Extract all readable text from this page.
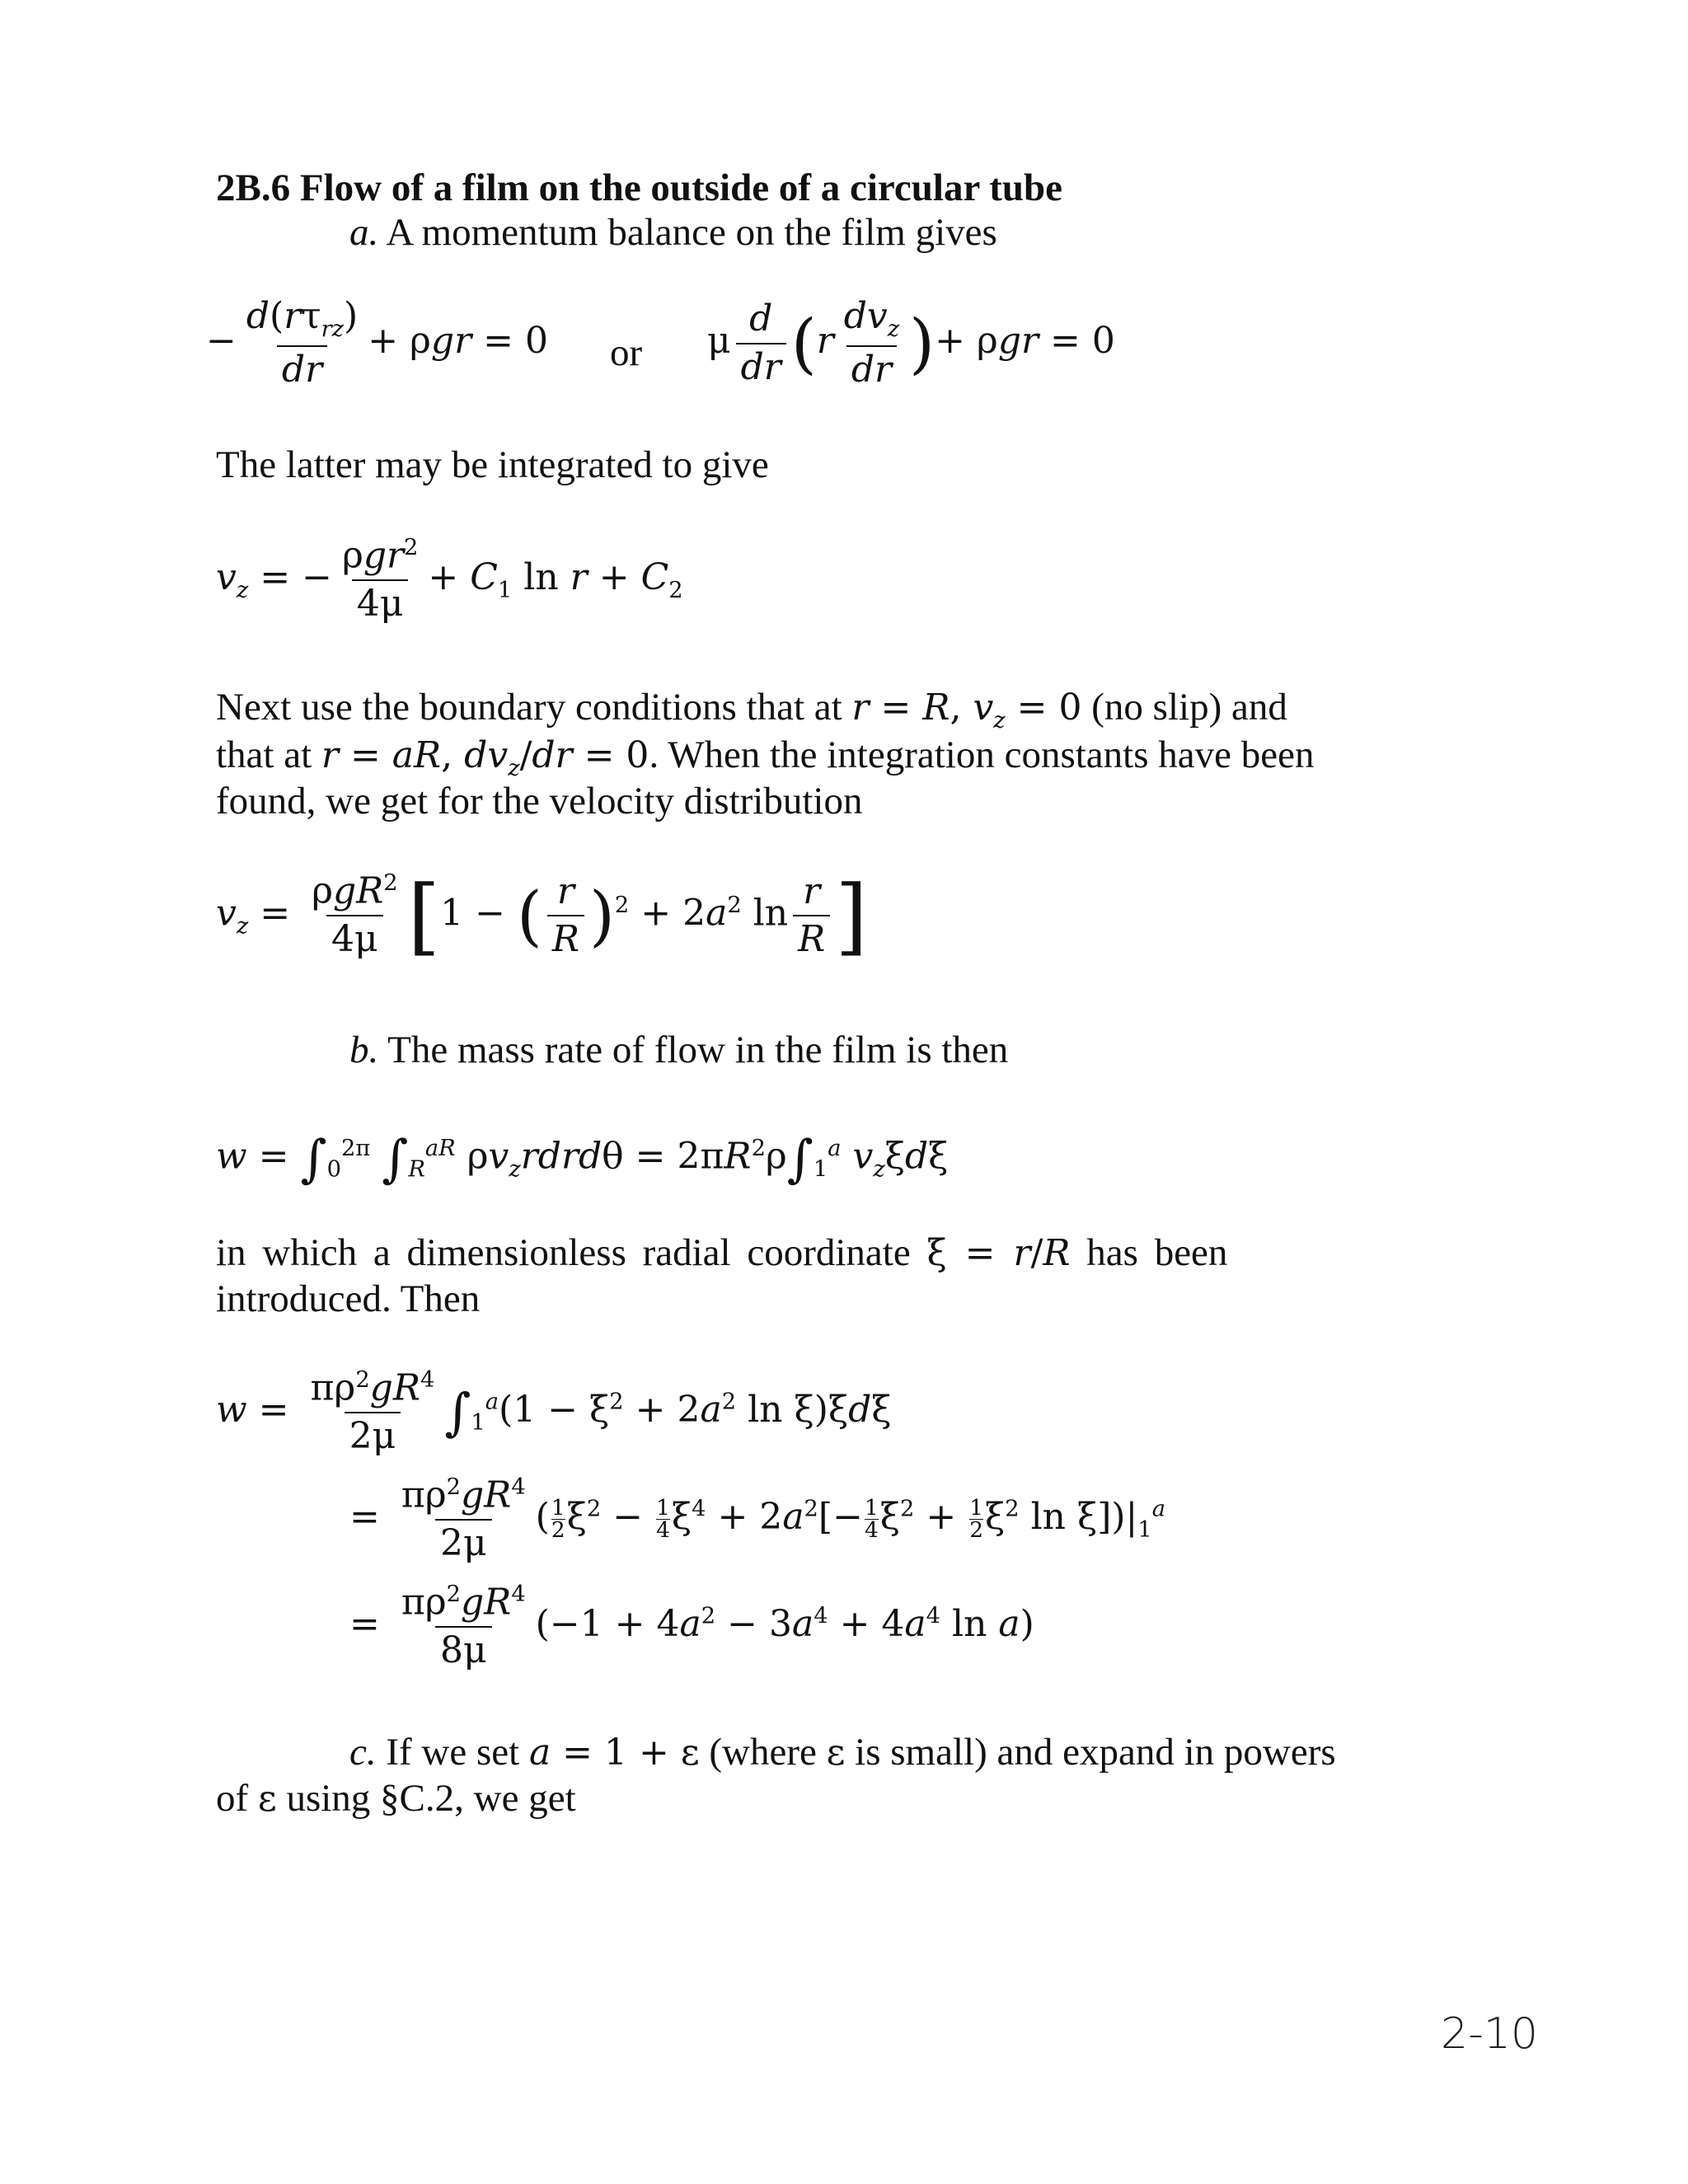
2B.6 Flow of a film on the outside of a circular tube
a. A momentum balance on the film gives
− $\frac{d(r\tau_{rz})}{dr} + \rho gr = 0$ or μ $\frac{d}{dr} (r \frac{dv_z}{dr}$ )+ ρgr = 0
The latter may be integrated to give
$v_z$ = − $\frac{\rho gr^2}{4\mu} + C_1$ $\ln r + C_2$
Next use the boundary conditions that at r = R, $v_z = 0$ (no slip) and
that at r = aR, $dv_z/dr = 0$. When the integration constants have been
found, we get for the velocity distribution
$v_z = \frac{\rho gR^2}{4\mu} [1$ − ( $\frac{r}{R} )^2 + 2a^2$ $\ln \frac{r}{R}$ ]
b. The mass rate of flow in the film is then
$w = \int_0^{2\pi}$ $\int_R^{aR}$ $\rho v_zrdrd\theta = 2\pi R^2\rho\int_1^a$ $v_z\xi d\xi$
in which a dimensionless radial coordinate ξ = r/R has been
introduced. Then
$w = \frac{\pi\rho^2gR^4}{2\mu} \int_1^a(1 - \xi^2 + 2a^2$ ln ξ)ξdξ
= $\frac{\pi\rho^2gR^4}{2\mu}$ ( $\frac{1}{2} \xi^2 - \frac{1}{4} \xi^4 + 2a^2[- \frac{1}{4} \xi^2 + \frac{1}{2} \xi^2$ $\ln \xi])|_1^a$
= $\frac{\pi\rho^2gR^4}{8\mu} (-1 + 4a^2 - 3a^4 + 4a^4$ ln a)
c. If we set a = 1 + ε (where ε is small) and expand in powers
of ε using §C.2, we get
2-10
